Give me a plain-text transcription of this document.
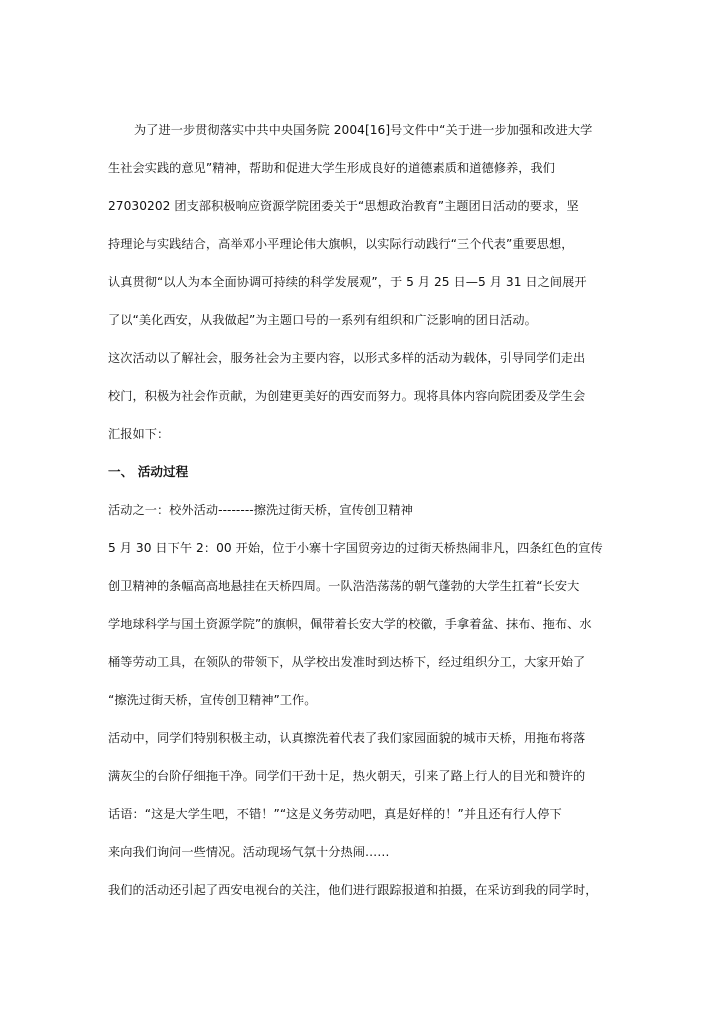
为了进一步贯彻落实中共中央国务院 2004[16]号文件中“关于进一步加强和改进大学
生社会实践的意见”精神，帮助和促进大学生形成良好的道德素质和道德修养，我们
27030202 团支部积极响应资源学院团委关于“思想政治教育”主题团日活动的要求，坚
持理论与实践结合，高举邓小平理论伟大旗帜，以实际行动践行“三个代表”重要思想，
认真贯彻“以人为本全面协调可持续的科学发展观”，于 5 月 25 日—5 月 31 日之间展开
了以“美化西安，从我做起”为主题口号的一系列有组织和广泛影响的团日活动。
这次活动以了解社会，服务社会为主要内容，以形式多样的活动为载体，引导同学们走出
校门，积极为社会作贡献，为创建更美好的西安而努力。现将具体内容向院团委及学生会
汇报如下：
一、 活动过程
活动之一：校外活动--------擦洗过街天桥，宣传创卫精神
5 月 30 日下午 2：00 开始，位于小寨十字国贸旁边的过街天桥热闹非凡，四条红色的宣传
创卫精神的条幅高高地悬挂在天桥四周。一队浩浩荡荡的朝气蓬勃的大学生扛着“长安大
学地球科学与国土资源学院”的旗帜，佩带着长安大学的校徽，手拿着盆、抹布、拖布、水
桶等劳动工具，在领队的带领下，从学校出发准时到达桥下，经过组织分工，大家开始了
“擦洗过街天桥，宣传创卫精神”工作。
活动中，同学们特别积极主动，认真擦洗着代表了我们家园面貌的城市天桥，用拖布将落
满灰尘的台阶仔细拖干净。同学们干劲十足，热火朝天，引来了路上行人的目光和赞许的
话语：“这是大学生吧，不错！”“这是义务劳动吧，真是好样的！”并且还有行人停下
来向我们询问一些情况。活动现场气氛十分热闹……
我们的活动还引起了西安电视台的关注，他们进行跟踪报道和拍摄，在采访到我的同学时，
